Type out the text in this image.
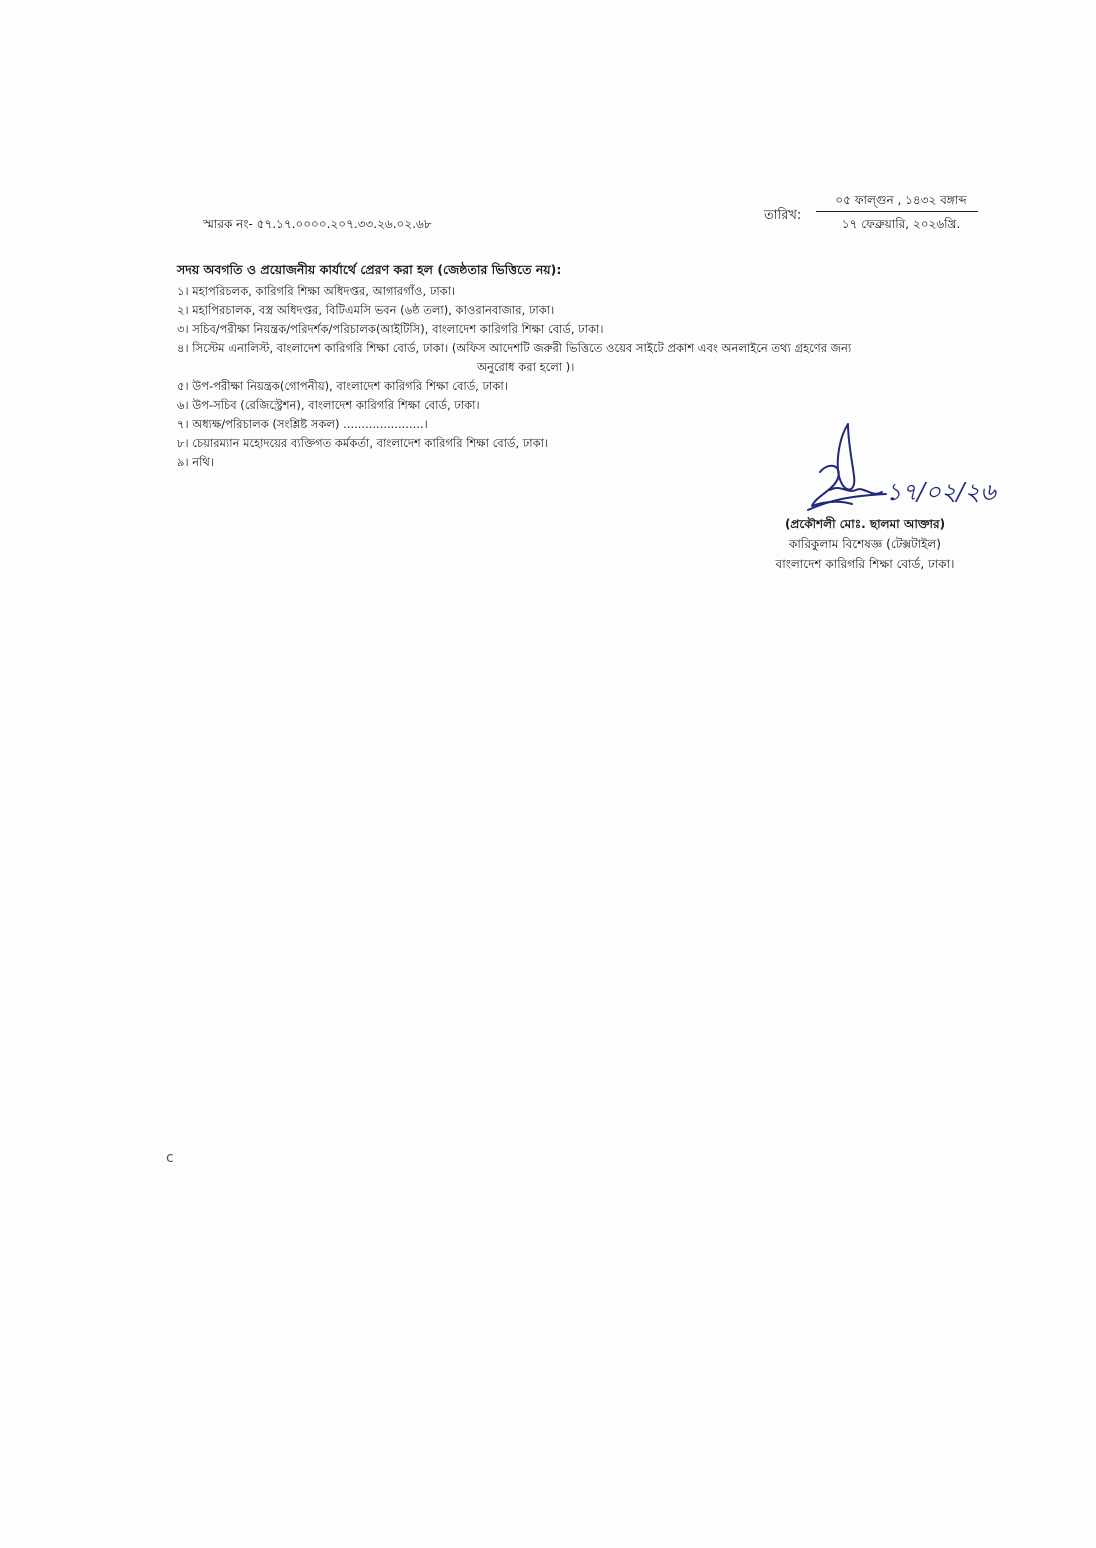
স্মারক নং- ৫৭.১৭.০০০০.২০৭.৩৩.২৬.০২.৬৮
তারিখ:
০৫ ফাল্গুন , ১৪৩২ বঙ্গাব্দ
১৭ ফেব্রুয়ারি, ২০২৬খ্রি.
সদয় অবগতি ও প্রয়োজনীয় কার্যার্থে প্রেরণ করা হল (জেষ্ঠতার ভিত্তিতে নয়):
১। মহাপরিচলক, কারিগরি শিক্ষা অধিদপ্তর, আগারগাঁও, ঢাকা।
২। মহাপিরচালক, বস্ত্র অধিদপ্তর, বিটিএমসি ভবন (৬ষ্ঠ তলা), কাওরানবাজার, ঢাকা।
৩। সচিব/পরীক্ষা নিয়ন্ত্রক/পরিদর্শক/পরিচালক(আইটিসি), বাংলাদেশ কারিগরি শিক্ষা বোর্ড, ঢাকা।
৪। সিস্টেম এনালিস্ট, বাংলাদেশ কারিগরি শিক্ষা বোর্ড, ঢাকা। (অফিস আদেশটি জরুরী ভিত্তিতে ওয়েব সাইটে প্রকাশ এবং অনলাইনে তথ্য গ্রহণের জন্য
অনুরোধ করা হলো )।
৫। উপ-পরীক্ষা নিয়ন্ত্রক(গোপনীয়), বাংলাদেশ কারিগরি শিক্ষা বোর্ড, ঢাকা।
৬। উপ-সচিব (রেজিস্ট্রেশন), বাংলাদেশ কারিগরি শিক্ষা বোর্ড, ঢাকা।
৭। অধ্যক্ষ/পরিচালক (সংশ্লিষ্ট সকল) ......................।
৮। চেয়ারম্যান মহোদয়ের ব্যক্তিগত কর্মকর্তা, বাংলাদেশ কারিগরি শিক্ষা বোর্ড, ঢাকা।
৯। নথি।
১৭/০২/২৬
(প্রকৌশলী মোঃ. ছালমা আক্তার)
কারিকুলাম বিশেষজ্ঞ (টেক্সটাইল)
বাংলাদেশ কারিগরি শিক্ষা বোর্ড, ঢাকা।
c
